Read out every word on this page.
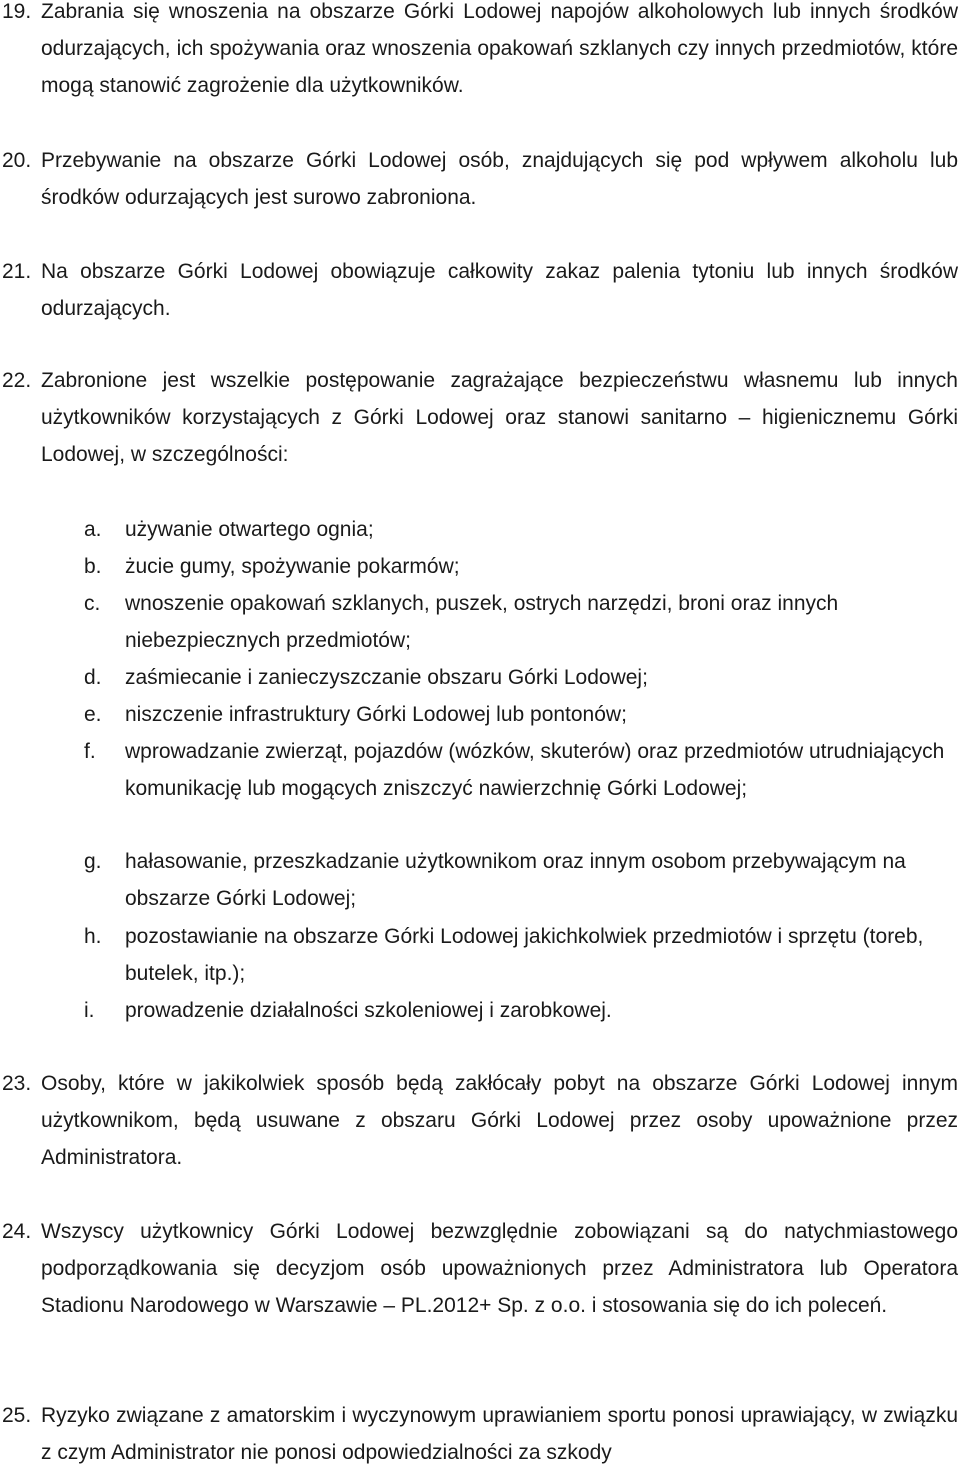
19. Zabrania się wnoszenia na obszarze Górki Lodowej napojów alkoholowych lub innych środków odurzających, ich spożywania oraz wnoszenia opakowań szklanych czy innych przedmiotów, które mogą stanowić zagrożenie dla użytkowników.
20. Przebywanie na obszarze Górki Lodowej osób, znajdujących się pod wpływem alkoholu lub środków odurzających jest surowo zabroniona.
21. Na obszarze Górki Lodowej obowiązuje całkowity zakaz palenia tytoniu lub innych środków odurzających.
22. Zabronione jest wszelkie postępowanie zagrażające bezpieczeństwu własnemu lub innych użytkowników korzystających z Górki Lodowej oraz stanowi sanitarno – higienicznemu Górki Lodowej, w szczególności:
a. używanie otwartego ognia;
b. żucie gumy, spożywanie pokarmów;
c. wnoszenie opakowań szklanych, puszek, ostrych narzędzi, broni oraz innych niebezpiecznych przedmiotów;
d. zaśmiecanie i zanieczyszczanie obszaru Górki Lodowej;
e. niszczenie infrastruktury Górki Lodowej lub pontonów;
f. wprowadzanie zwierząt, pojazdów (wózków, skuterów) oraz przedmiotów utrudniających komunikację lub mogących zniszczyć nawierzchnię Górki Lodowej;
g. hałasowanie, przeszkadzanie użytkownikom oraz innym osobom przebywającym na obszarze Górki Lodowej;
h. pozostawianie na obszarze Górki Lodowej jakichkolwiek przedmiotów i sprzętu (toreb, butelek, itp.);
i. prowadzenie działalności szkoleniowej i zarobkowej.
23. Osoby, które w jakikolwiek sposób będą zakłócały pobyt na obszarze Górki Lodowej innym użytkownikom, będą usuwane z obszaru Górki Lodowej przez osoby upoważnione przez Administratora.
24. Wszyscy użytkownicy Górki Lodowej bezwzględnie zobowiązani są do natychmiastowego podporządkowania się decyzjom osób upoważnionych przez Administratora lub Operatora Stadionu Narodowego w Warszawie – PL.2012+ Sp. z o.o. i stosowania się do ich poleceń.
25. Ryzyko związane z amatorskim i wyczynowym uprawianiem sportu ponosi uprawiający, w związku z czym Administrator nie ponosi odpowiedzialności za szkody
